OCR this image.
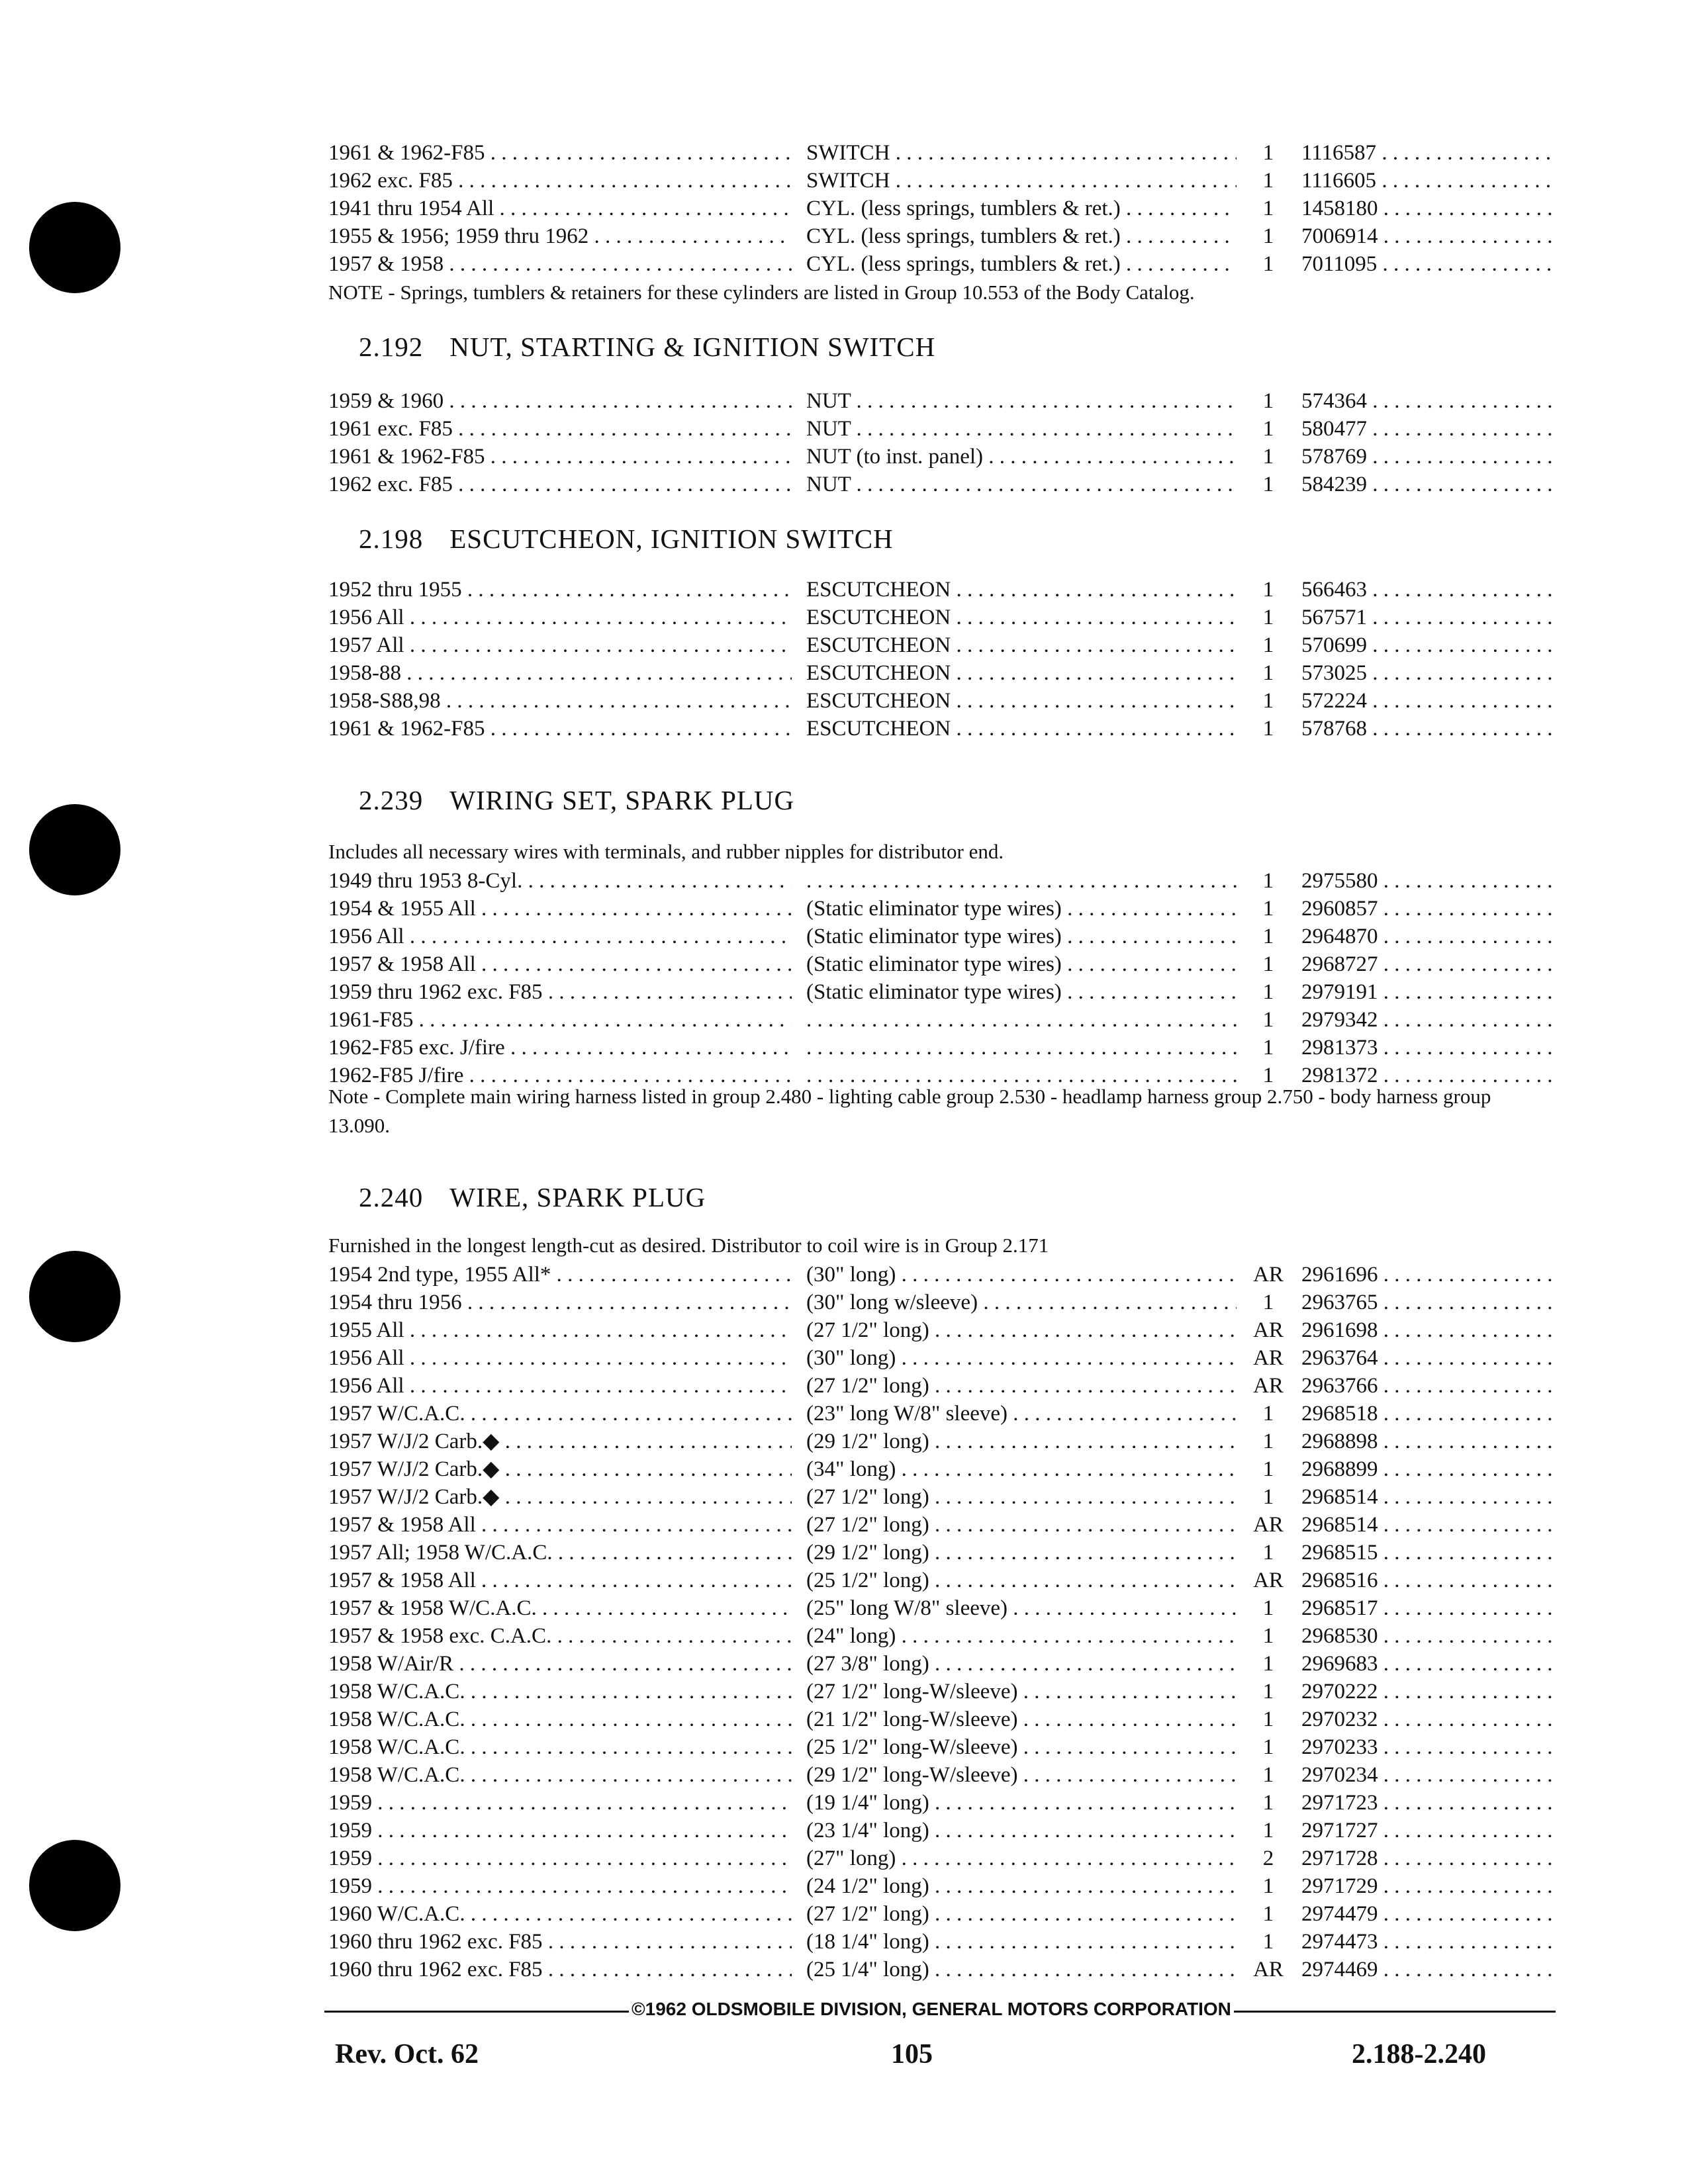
1961 & 1962-F85 . . .	SWITCH . . .	1	1116587 . . .
1962 exc. F85 . . .	SWITCH . . .	1	1116605 . . .
1941 thru 1954 All . . .	CYL. (less springs, tumblers & ret.) . . . .	1	1458180 . . .
1955 & 1956; 1959 thru 1962 . . .	CYL. (less springs, tumblers & ret.) . . . .	1	7006914 . . .
1957 & 1958 . . .	CYL. (less springs, tumblers & ret.) . . . .	1	7011095 . . .
NOTE - Springs, tumblers & retainers for these cylinders are listed in Group 10.553 of the Body Catalog.
2.192 NUT, STARTING & IGNITION SWITCH
1959 & 1960 . . .	NUT . . .	1	574364 . . .
1961 exc. F85 . . .	NUT . . .	1	580477 . . .
1961 & 1962-F85 . . .	NUT (to inst. panel) . . .	1	578769 . . .
1962 exc. F85 . . .	NUT . . .	1	584239 . . .
2.198 ESCUTCHEON, IGNITION SWITCH
1952 thru 1955 . . .	ESCUTCHEON . . .	1	566463 . . .
1956 All . . .	ESCUTCHEON . . .	1	567571 . . .
1957 All . . .	ESCUTCHEON . . .	1	570699 . . .
1958-88 . . .	ESCUTCHEON . . .	1	573025 . . .
1958-S88,98 . . .	ESCUTCHEON . . .	1	572224 . . .
1961 & 1962-F85 . . .	ESCUTCHEON . . .	1	578768 . . .
2.239 WIRING SET, SPARK PLUG
Includes all necessary wires with terminals, and rubber nipples for distributor end.
1949 thru 1953 8-Cyl. . . . . . .	1	2975580 . . .
1954 & 1955 All . . .	(Static eliminator type wires) . . .	1	2960857 . . .
1956 All . . .	(Static eliminator type wires) . . .	1	2964870 . . .
1957 & 1958 All . . .	(Static eliminator type wires) . . .	1	2968727 . . .
1959 thru 1962 exc. F85 . . .	(Static eliminator type wires) . . .	1	2979191 . . .
1961-F85 . . . . . .	1	2979342 . . .
1962-F85 exc. J/fire . . . . . .	1	2981373 . . .
1962-F85 J/fire . . . . . .	1	2981372 . . .
Note - Complete main wiring harness listed in group 2.480 - lighting cable group 2.530 - headlamp harness group 2.750 - body harness group 13.090.
2.240 WIRE, SPARK PLUG
Furnished in the longest length-cut as desired. Distributor to coil wire is in Group 2.171
1954 2nd type, 1955 All* . . .	(30" long) . . .	AR 2961696 . . .
1954 thru 1956 . . .	(30" long w/sleeve) . . .	1	2963765 . . .
1955 All . . .	(27 1/2" long) . . .	AR 2961698 . . .
1956 All . . .	(30" long) . . .	AR 2963764 . . .
1956 All . . .	(27 1/2" long) . . .	AR 2963766 . . .
1957 W/C.A.C. . . .	(23" long W/8" sleeve) . . .	1	2968518 . . .
1957 W/J/2 Carb.◆ . . .	(29 1/2" long) . . .	1	2968898 . . .
1957 W/J/2 Carb.◆ . . .	(34" long) . . .	1	2968899 . . .
1957 W/J/2 Carb.◆ . . .	(27 1/2" long) . . .	1	2968514 . . .
1957 & 1958 All . . .	(27 1/2" long) . . .	AR 2968514 . . .
1957 All; 1958 W/C.A.C. . . .	(29 1/2" long) . . .	1	2968515 . . .
1957 & 1958 All . . .	(25 1/2" long) . . .	AR 2968516 . . .
1957 & 1958 W/C.A.C. . . .	(25" long W/8" sleeve) . . .	1	2968517 . . .
1957 & 1958 exc. C.A.C. . . .	(24" long) . . .	1	2968530 . . .
1958 W/Air/R . . .	(27 3/8" long) . . .	1	2969683 . . .
1958 W/C.A.C. . . .	(27 1/2" long-W/sleeve) . . .	1	2970222 . . .
1958 W/C.A.C. . . .	(21 1/2" long-W/sleeve) . . .	1	2970232 . . .
1958 W/C.A.C. . . .	(25 1/2" long-W/sleeve) . . .	1	2970233 . . .
1958 W/C.A.C. . . .	(29 1/2" long-W/sleeve) . . .	1	2970234 . . .
1959 . . .	(19 1/4" long) . . .	1	2971723 . . .
1959 . . .	(23 1/4" long) . . .	1	2971727 . . .
1959 . . .	(27" long) . . .	2	2971728 . . .
1959 . . .	(24 1/2" long) . . .	1	2971729 . . .
1960 W/C.A.C. . . .	(27 1/2" long) . . .	1	2974479 . . .
1960 thru 1962 exc. F85 . . .	(18 1/4" long) . . .	1	2974473 . . .
1960 thru 1962 exc. F85 . . .	(25 1/4" long) . . .	AR 2974469 . . .
©1962 OLDSMOBILE DIVISION, GENERAL MOTORS CORPORATION
Rev. Oct. 62	105	2.188-2.240
